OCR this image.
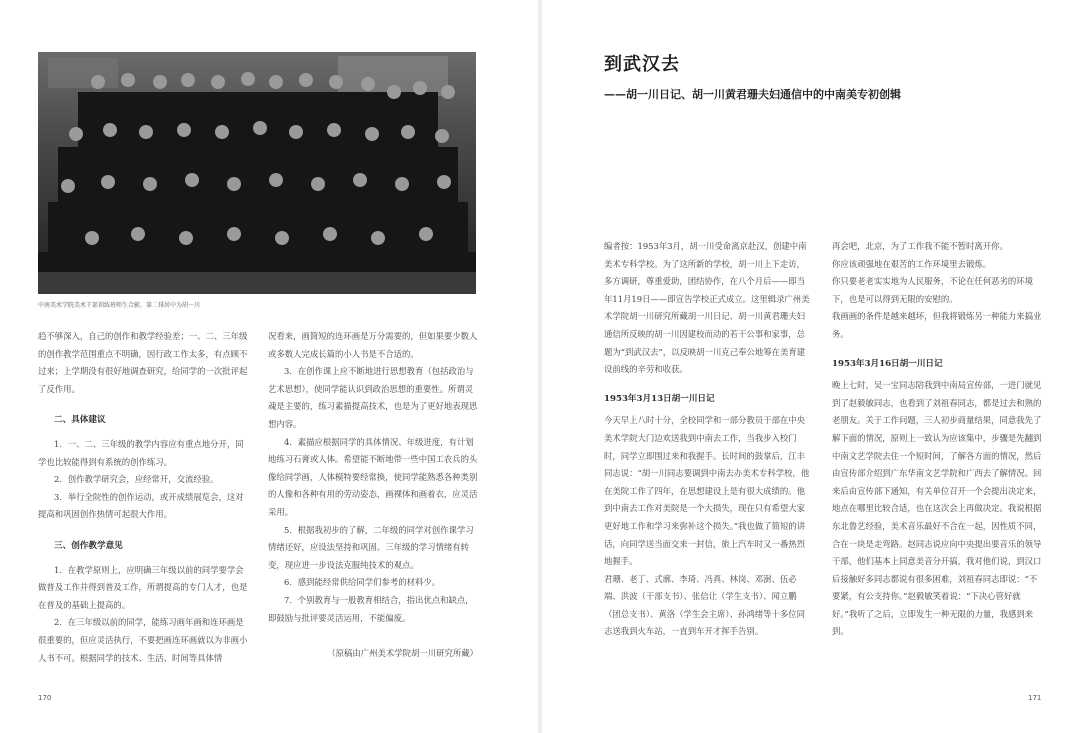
中南美术学院美术干部训练班师生合影，第二排居中为胡一川

趋不够深入，自己的创作和教学经验差；一、二、三年级的创作教学范围重点不明确，因行政工作太多，有点顾不过来；上学期没有很好地调查研究，给同学的一次批评起了反作用。

二、具体建议

1．一、二、三年级的教学内容应有重点地分开，同学也比较能得到有系统的创作练习。

2．创作教学研究会，应经常开，交流经验。

3．举行全院性的创作运动，或开成绩展览会，这对提高和巩固创作热情可起很大作用。

三、创作教学意见

1．在教学原则上，应明确三年级以前的同学要学会做普及工作并得到普及工作，所谓提高的专门人才，也是在普及的基础上提高的。

2．在三年级以前的同学，能练习画年画和连环画是很重要的，但应灵活执行，不要把画连环画就以为非画小人书不可。根据同学的技术、生活、时间等具体情

况看来，画简短的连环画是万分需要的，但如果要少数人或多数人完成长篇的小人书是不合适的。

3．在创作课上应不断地进行思想教育（包括政治与艺术思想），使同学能认识到政治思想的重要性。所谓灵魂是主要的，练习素描提高技术，也是为了更好地表现思想内容。

4．素描应根据同学的具体情况、年级进度，有计划地练习石膏或人体。希望能不断地带一些中国工农兵的头像给同学画，人体模特要经常换，使同学能熟悉各种类别的人像和各种有用的劳动姿态，画裸体和画着衣，应灵活采用。

5．根据我初步的了解，二年级的同学对创作课学习情绪还好，应设法坚持和巩固。三年级的学习情绪有转变，现应进一步设法克服纯技术的观点。

6．感到能经常供给同学们参考的材料少。

7．个别教育与一般教育相结合，指出优点和缺点，即鼓励与批评要灵活运用，不能偏废。

（原稿由广州美术学院胡一川研究所藏）

170
到武汉去
——胡一川日记、胡一川黄君珊夫妇通信中的中南美专初创辑

编者按：1953年3月，胡一川受命离京赴汉，创建中南美术专科学校。为了这所新的学校，胡一川上下走访，多方调研，尊重爱助，团结协作，在八个月后——即当年11月19日——即宣告学校正式成立。这里辑录广州美术学院胡一川研究所藏胡一川日记、胡一川黄君珊夫妇通信所反映的胡一川因建校而动的若干公事和家事，总题为“到武汉去”，以反映胡一川克己奉公地筹在美育建设前线的辛劳和收获。

1953年3月13日胡一川日记

今天早上八时十分，全校同学和一部分教员干部在中央美术学院大门边欢送我到中南去工作，当我步入校门时，同学立即围过来和我握手。长时间的鼓掌后，江丰同志说：“胡一川同志要调到中南去办美术专科学校，他在美院工作了四年，在思想建设上是有很大成绩的。他到中南去工作对美院是一个大损失，现在只有希望大家更好地工作和学习来弥补这个损失。”我也做了简短的讲话，向同学送当面交来一封信，旅上汽车时又一番热烈地握手。

君珊、老丁、式廓、李琦、冯真、林岗、邓澍、伍必端、洪波（干部支书）、张信让（学生支书）、闻立鹏（团总支书）、黄洛（学生会主席）、孙鸿绪等十多位同志送我到火车站，一直到车开才挥手告别。

再会吧，北京，为了工作我不能不暂时离开你。

你应该顽强地在艰苦的工作环境里去锻炼。

你只要老老实实地为人民服务，不论在任何恶劣的环境下，也是可以得到无限的安慰的。

我画画的条件是越来越坏，但我将锻炼另一种能力来搞业务。

1953年3月16日胡一川日记

晚上七时，吴一宝同志陪我到中南局宣传部，一进门就见到了赵毅敏同志，也看到了刘祖春同志，都是过去和熟的老朋友。关于工作问题，三人初步商量结果，同意我先了解下面的情况，原则上一致认为应该集中，步骤是先翻到中南文艺学院去住一个短时间，了解各方面的情况，然后由宣传部介绍到广东华南文艺学院和广西去了解情况。回来后由宣传部下通知，有关单位召开一个会提出决定来，地点在哪里比较合适，也在这次会上再做决定。我说根据东北鲁艺经验，美术音乐最好不合在一起，因性质不同，合在一块是走弯路。赵同志说应向中央提出要音乐的领导干部，他们基本上同意美音分开搞，我对他们说，到汉口后接触好多同志都说有很多困难，刘祖春同志即说：“不要紧，有公支持你。”赵毅敏笑着说：“下决心管好就好。”我听了之后，立即发生一种无限的力量，我感到来到。

171
